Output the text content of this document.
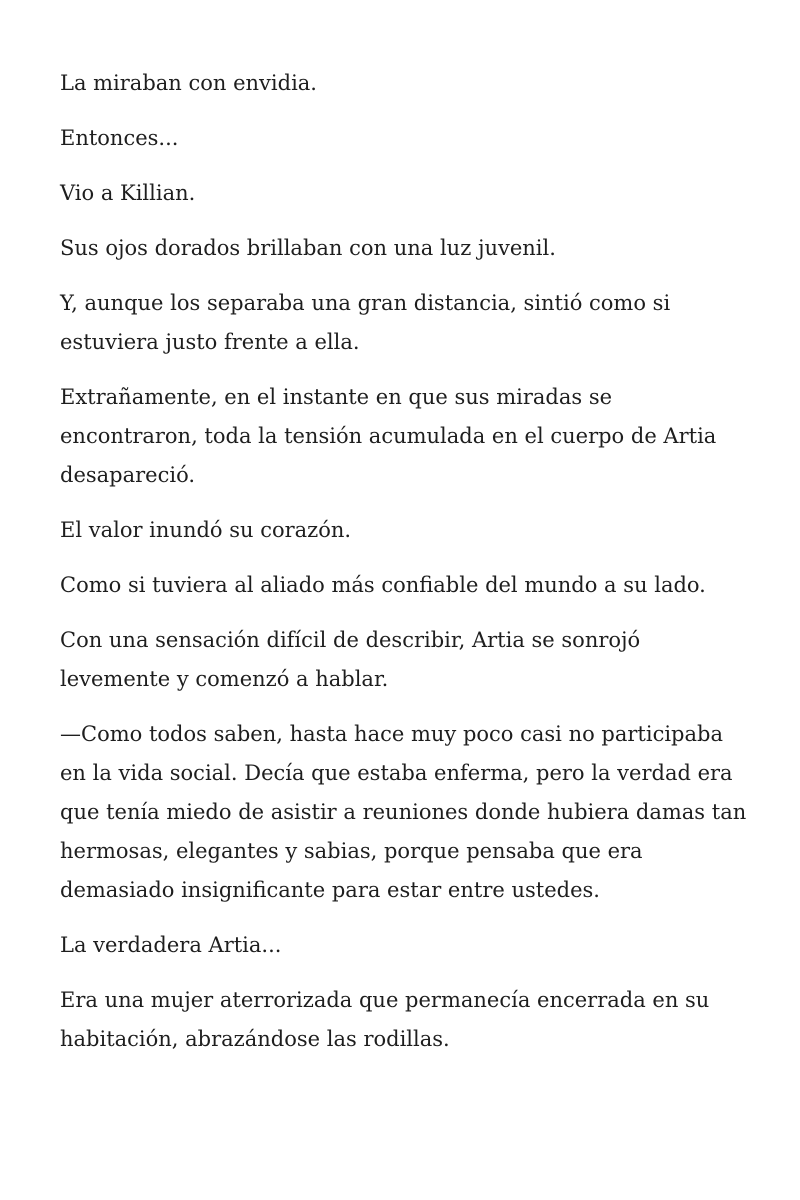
La miraban con envidia.

Entonces...

Vio a Killian.

Sus ojos dorados brillaban con una luz juvenil.

Y, aunque los separaba una gran distancia, sintió como si estuviera justo frente a ella.

Extrañamente, en el instante en que sus miradas se encontraron, toda la tensión acumulada en el cuerpo de Artia desapareció.

El valor inundó su corazón.

Como si tuviera al aliado más confiable del mundo a su lado.

Con una sensación difícil de describir, Artia se sonrojó levemente y comenzó a hablar.

—Como todos saben, hasta hace muy poco casi no participaba en la vida social. Decía que estaba enferma, pero la verdad era que tenía miedo de asistir a reuniones donde hubiera damas tan hermosas, elegantes y sabias, porque pensaba que era demasiado insignificante para estar entre ustedes.

La verdadera Artia...

Era una mujer aterrorizada que permanecía encerrada en su habitación, abrazándose las rodillas.
